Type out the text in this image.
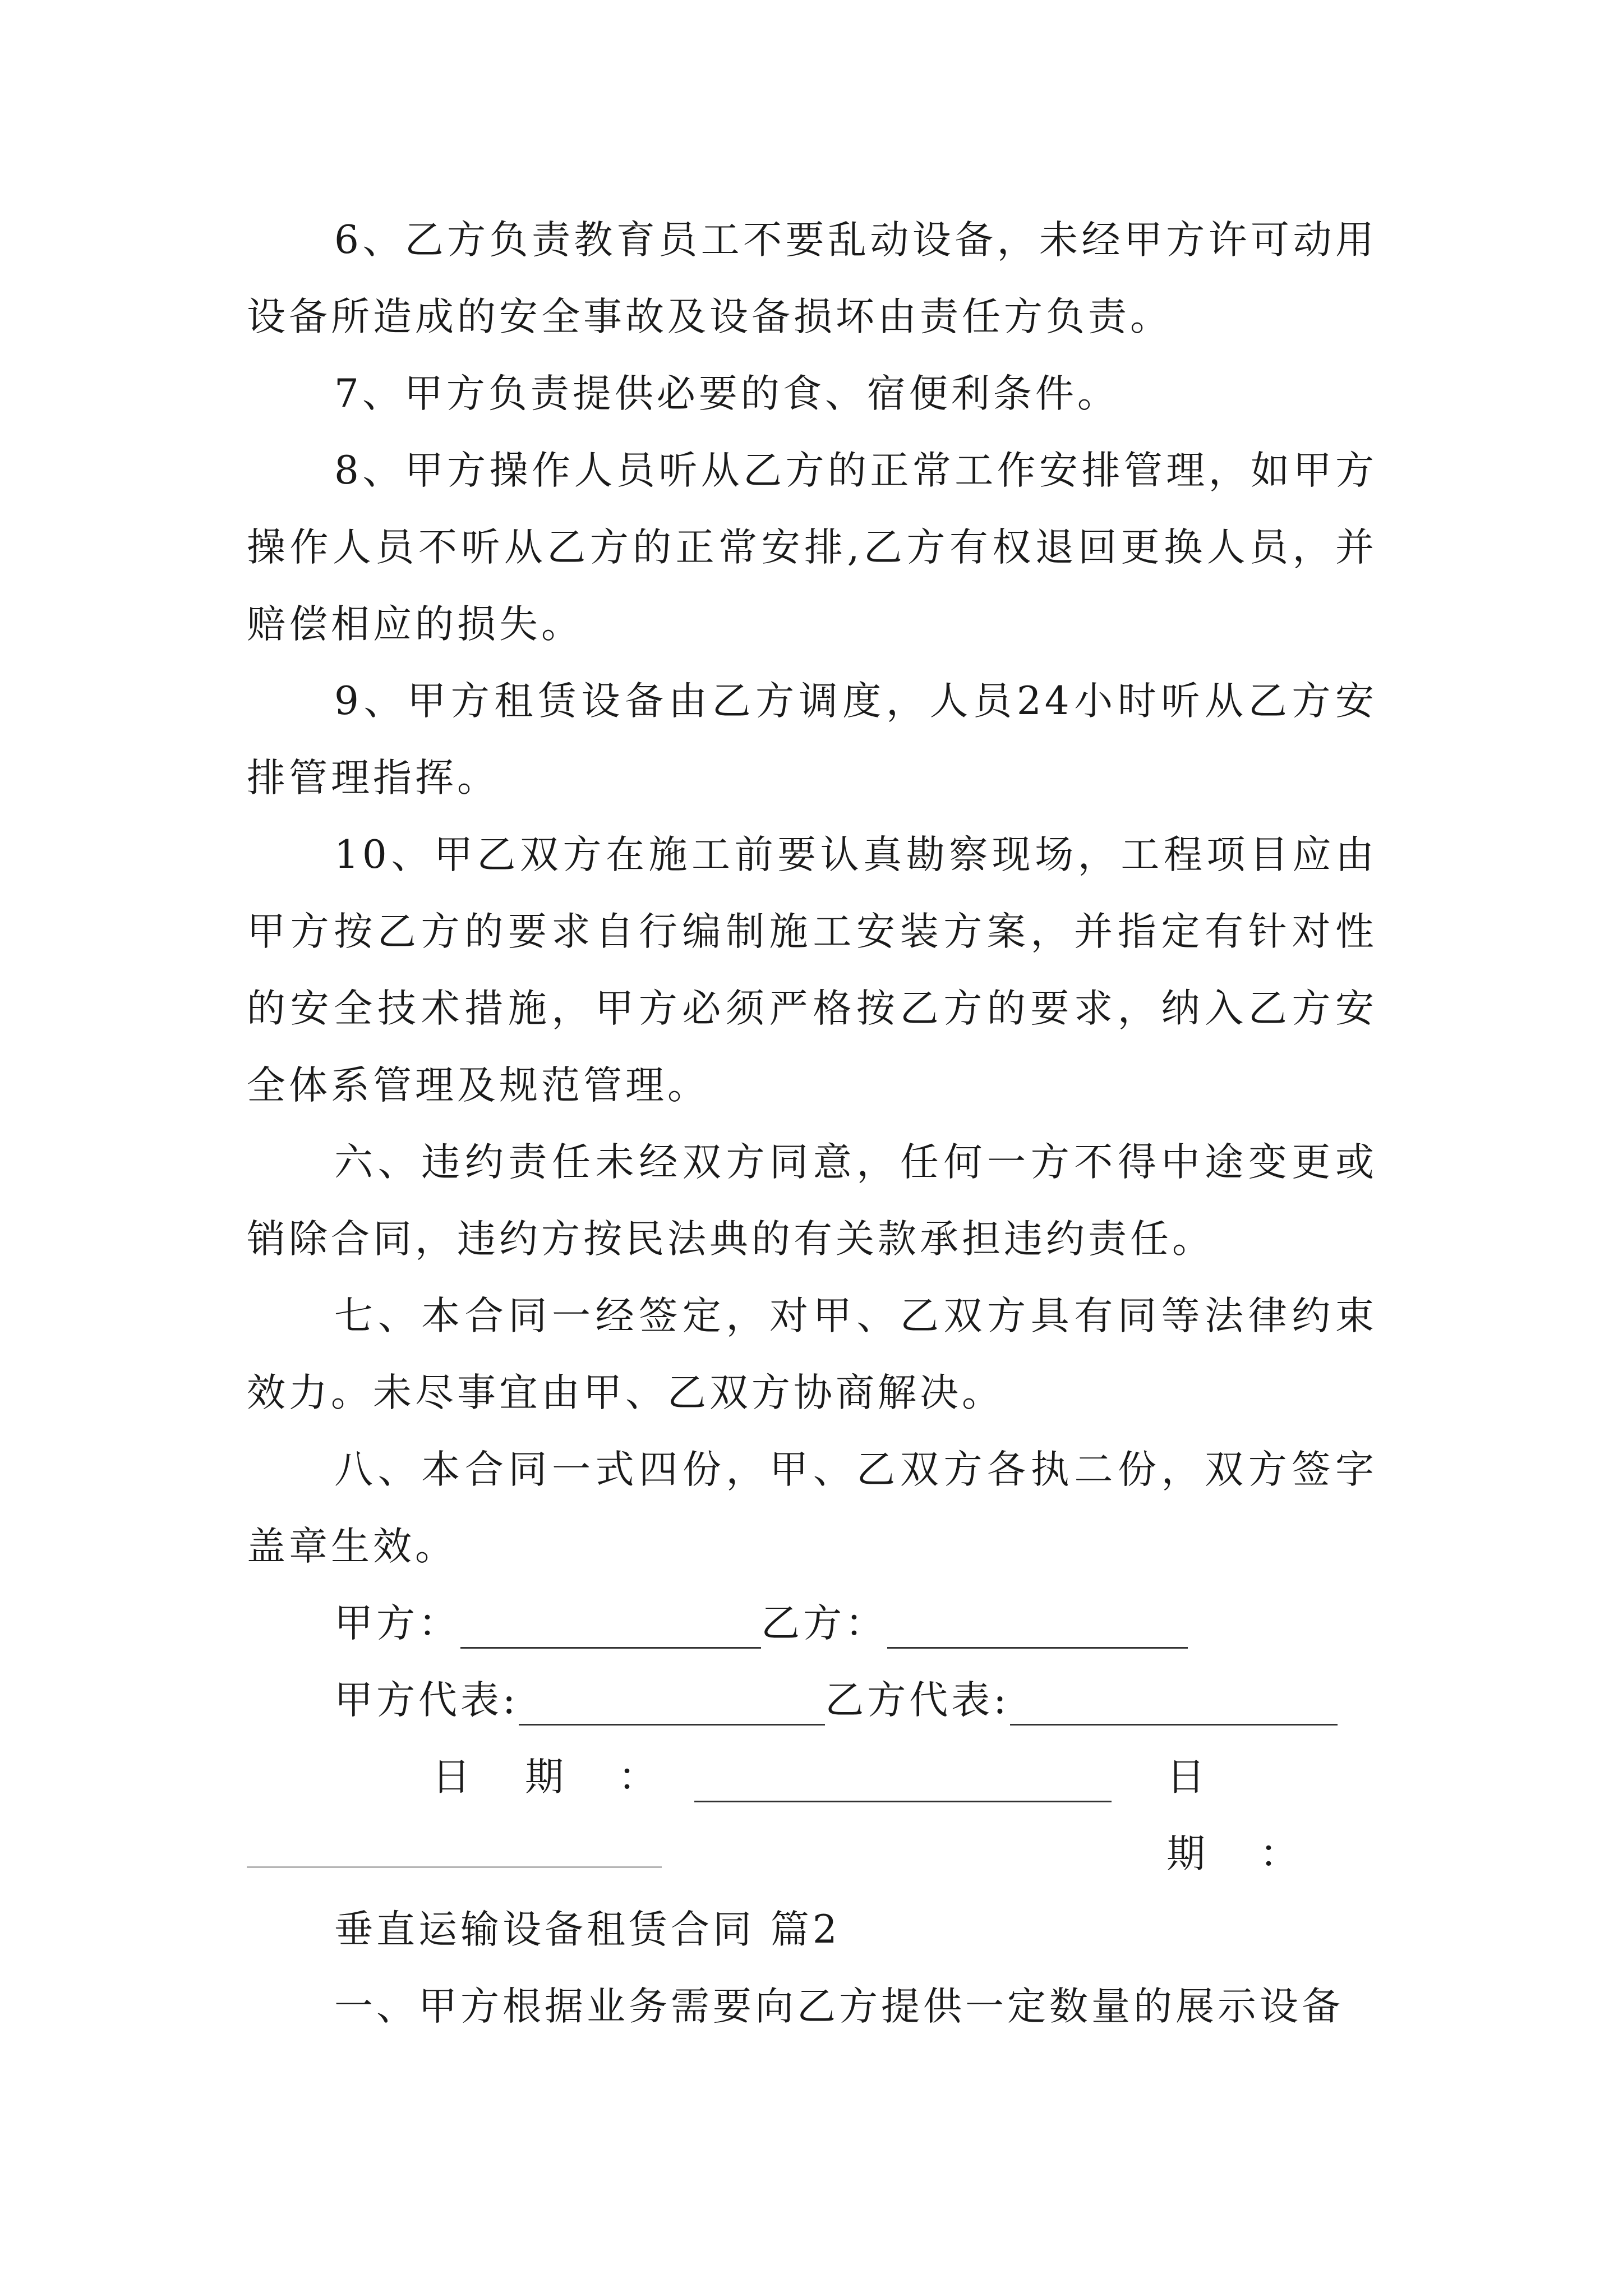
6、乙方负责教育员工不要乱动设备，未经甲方许可动用设备所造成的安全事故及设备损坏由责任方负责。

7、甲方负责提供必要的食、宿便利条件。

8、甲方操作人员听从乙方的正常工作安排管理，如甲方操作人员不听从乙方的正常安排,乙方有权退回更换人员，并赔偿相应的损失。

9、甲方租赁设备由乙方调度，人员24小时听从乙方安排管理指挥。

10、甲乙双方在施工前要认真勘察现场，工程项目应由甲方按乙方的要求自行编制施工安装方案，并指定有针对性的安全技术措施，甲方必须严格按乙方的要求，纳入乙方安全体系管理及规范管理。

六、违约责任未经双方同意，任何一方不得中途变更或销除合同，违约方按民法典的有关款承担违约责任。

七、本合同一经签定，对甲、乙双方具有同等法律约束效力。未尽事宜由甲、乙双方协商解决。

八、本合同一式四份，甲、乙双方各执二份，双方签字盖章生效。

甲方：	乙方：
甲方代表:	乙方代表:
日　期　：	日　期　：
垂直运输设备租赁合同 篇2
一、甲方根据业务需要向乙方提供一定数量的展示设备
